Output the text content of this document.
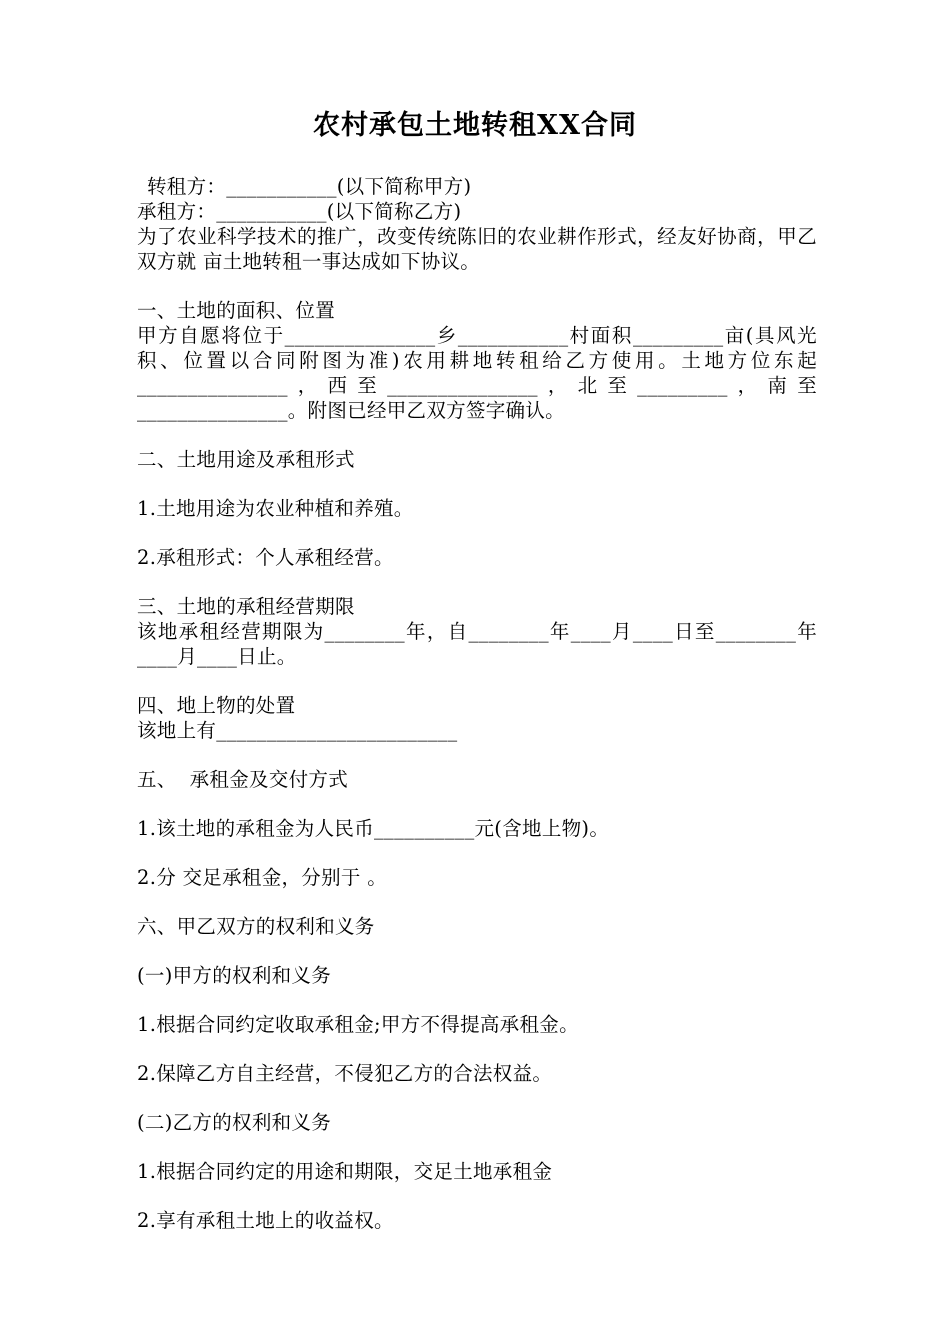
农村承包土地转租XX合同
转租方：___________(以下简称甲方)
承租方：___________(以下简称乙方)
为了农业科学技术的推广，改变传统陈旧的农业耕作形式，经友好协商，甲乙双方就 亩土地转租一事达成如下协议。
一、土地的面积、位置
甲方自愿将位于_______________乡___________村面积_________亩(具风光积、位置以合同附图为准)农用耕地转租给乙方使用。土地方位东起_______________，西至_______________，北至_________，南至_______________。附图已经甲乙双方签字确认。
二、土地用途及承租形式
1.土地用途为农业种植和养殖。
2.承租形式：个人承租经营。
三、土地的承租经营期限
该地承租经营期限为________年，自________年____月____日至________年____月____日止。
四、地上物的处置
该地上有________________________
五、  承租金及交付方式
1.该土地的承租金为人民币__________元(含地上物)。
2.分 交足承租金，分别于 。
六、甲乙双方的权利和义务
(一)甲方的权利和义务
1.根据合同约定收取承租金;甲方不得提高承租金。
2.保障乙方自主经营，不侵犯乙方的合法权益。
(二)乙方的权利和义务
1.根据合同约定的用途和期限，交足土地承租金
2.享有承租土地上的收益权。
